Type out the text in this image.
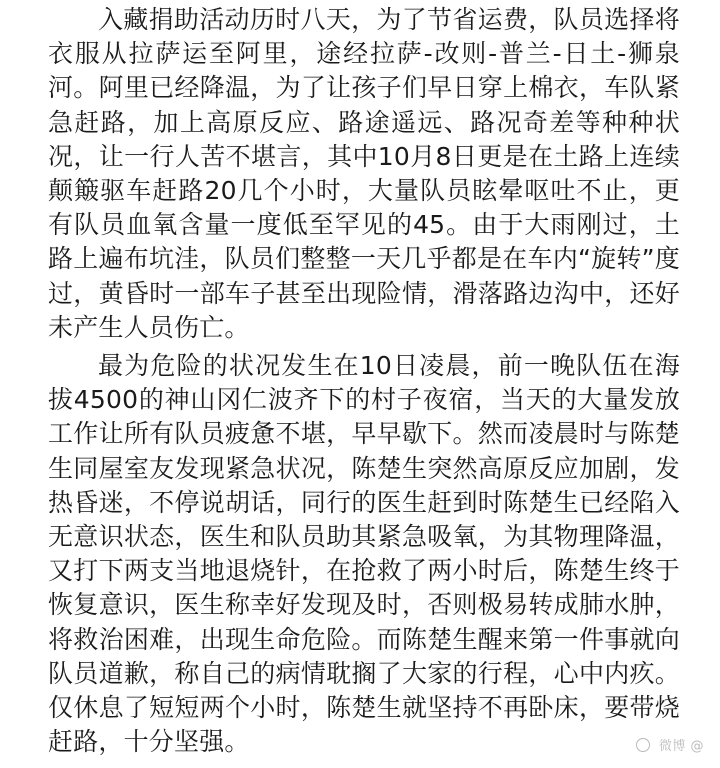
入藏捐助活动历时八天，为了节省运费，队员选择将衣服从拉萨运至阿里，途经拉萨-改则-普兰-日土-狮泉河。阿里已经降温，为了让孩子们早日穿上棉衣，车队紧急赶路，加上高原反应、路途遥远、路况奇差等种种状况，让一行人苦不堪言，其中10月8日更是在土路上连续颠簸驱车赶路20几个小时，大量队员眩晕呕吐不止，更有队员血氧含量一度低至罕见的45。由于大雨刚过，土路上遍布坑洼，队员们整整一天几乎都是在车内“旋转”度过，黄昏时一部车子甚至出现险情，滑落路边沟中，还好未产生人员伤亡。

最为危险的状况发生在10日凌晨，前一晚队伍在海拔4500的神山冈仁波齐下的村子夜宿，当天的大量发放工作让所有队员疲惫不堪，早早歇下。然而凌晨时与陈楚生同屋室友发现紧急状况，陈楚生突然高原反应加剧，发热昏迷，不停说胡话，同行的医生赶到时陈楚生已经陷入无意识状态，医生和队员助其紧急吸氧，为其物理降温，又打下两支当地退烧针，在抢救了两小时后，陈楚生终于恢复意识，医生称幸好发现及时，否则极易转成肺水肿，将救治困难，出现生命危险。而陈楚生醒来第一件事就向队员道歉，称自己的病情耽搁了大家的行程，心中内疚。仅休息了短短两个小时，陈楚生就坚持不再卧床，要带烧赶路，十分坚强。	微博 @
